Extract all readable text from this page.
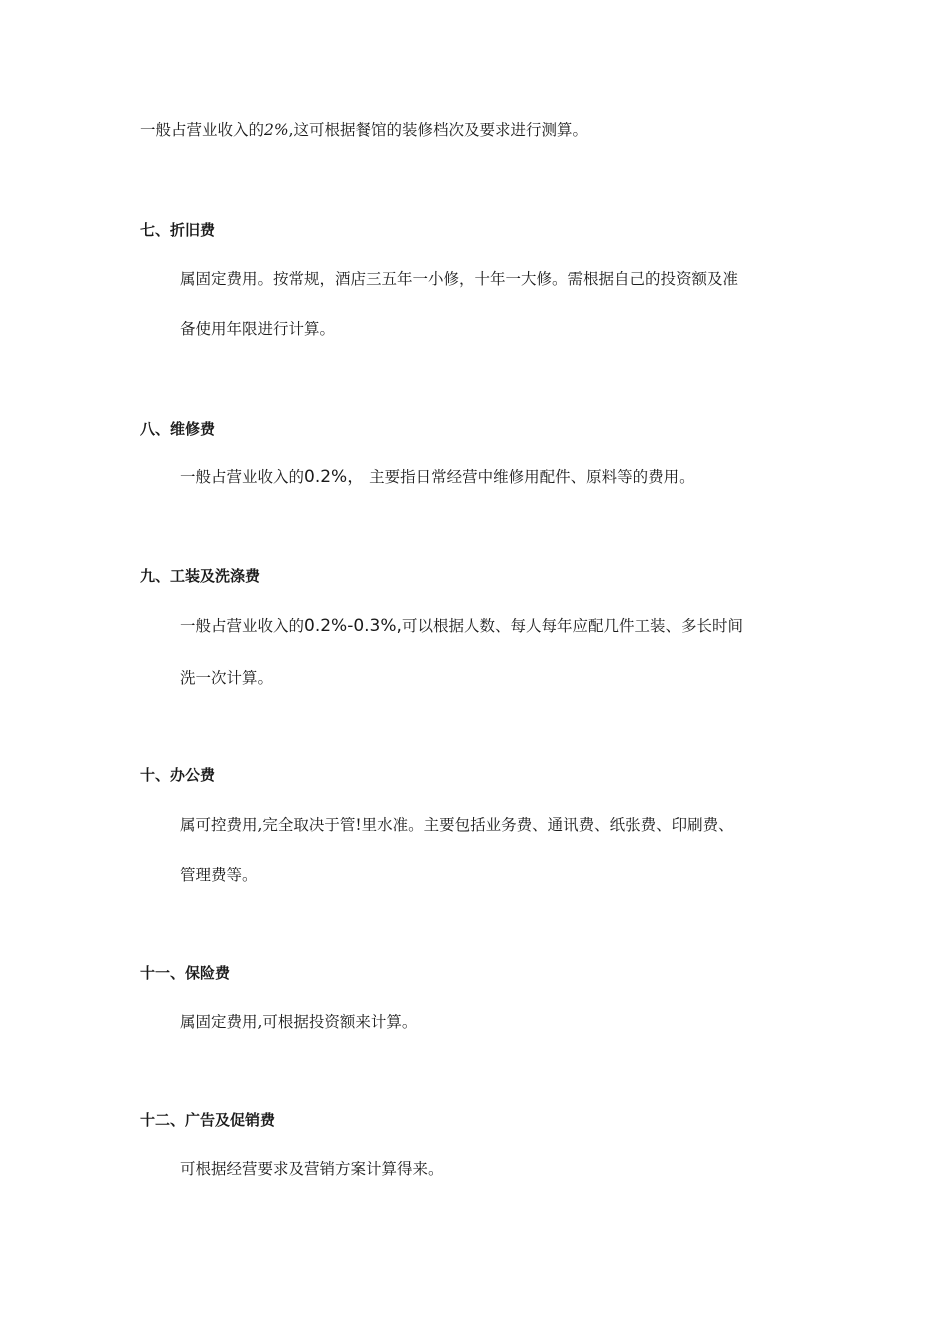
一般占营业收入的2%,这可根据餐馆的装修档次及要求进行测算。
七、折旧费
属固定费用。按常规，酒店三五年一小修，十年一大修。需根据自己的投资额及准
备使用年限进行计算。
八、维修费
一般占营业收入的0.2%， 主要指日常经营中维修用配件、原料等的费用。
九、工装及洗涤费
一般占营业收入的0.2%-0.3%,可以根据人数、每人每年应配几件工装、多长时间
洗一次计算。
十、办公费
属可控费用,完全取决于管!里水准。主要包括业务费、通讯费、纸张费、印刷费、
管理费等。
十一、保险费
属固定费用,可根据投资额来计算。
十二、广告及促销费
可根据经营要求及营销方案计算得来。
